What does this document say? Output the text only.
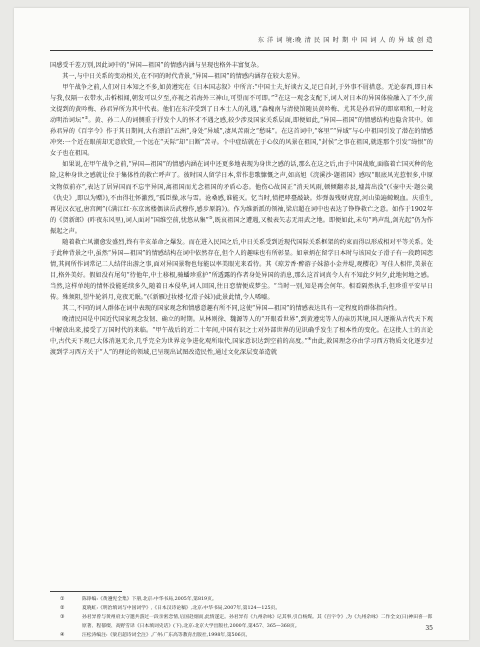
东 洋 词 境:晚 清 民 国 时 期 中 国 词 人 的 异 域 创 造

国感受千差万别,因此词中的“异国—祖国”的情感内涵与呈现也格外丰富复杂。

其一,与中日关系的变动相关,在不同的时代背景,“异国—祖国”的情感内涵存在较大差异。

甲午战争之前,人们对日本知之不多,如黄遵宪在《日本国志叙》中所言:“中国士夫,好谈古义,足已自封,于外事不屑措意。无论泰西,即日本与我,仅隔一衣带水,击柝相闻,朝发可以夕至,亦视之若海外三神山,可望而不可即。”①在这一观念支配下,词人对日本的异国体验融入了不少,前文提到的黄吟梅、孙君异所为其中代表。他们在东洋受到了日本士人的礼遇,“淼槐南与清使馆随员黄吟梅、尤其是孙君异的即席唱和,一时竞动明治词坛”②。黄、孙二人的词侧重于抒发个人的怀才不遇之感,较少涉及国家关系层面,即便如此,“异国—祖国”的情感结构也隐含其中。如孙君异的《百字令》作于其日期间,大有漂泊“五洲”,身处“异域”,凄风苦雨之“愁味”。在这首词中,“客里”“异域”与心中祖国引发了潜在的情感冲突:一个近在眼前却无意欣赏,一个远在“天际”却“日断”苦寻。个中症结就在于心仪的风景在祖国,“封侯”之事在祖国,就连那个引发“绮恨”的女子也在祖国。

如果说,在甲午战争之前,“异国—祖国”的情感内涵在词中还更多地表现为身世之感的话,那么在这之后,由于中国战败,面临着亡国灭种的危险,这种身世之感就让位于集体性的救亡呼声了。彼时国人留学日本,常作悲歌慷慨之声,如高旭《浣溪沙·题祖国》感叹“眼底风光惹恨多,中原文物似前亦”,表达了居异国而不忘宇异国,离祖国而尤念祖国的矛盾心态。他伤心故国正“消天风雨,顿倾翻赤县,墟蒿出没”(《壶中天·题公羹《仇史》,即以为赠》),不由得壮怀激烈,“孤臣操,冰与雪。沧桑感,谁能灭。忆当时,愤把哮臺敲缺。炸弹轰残财虎窟,河山染遍鲸鲵血。庆重生,再见汉衣冠,唐宫阙”(《满江红·东京寓楼偶读岳武穆作,感步原韵》)。作为维新派的领袖,梁启超在词中也表达了铮铮救亡之意。如作于1902年的《贺新郎》(昨夜东风里),词人面对“国维空前,忧悠从集”③,既哀祖国之遭遇,又极表矢志无用武之地。即便如此,未句“鸡声乱,剑光起”仍为作振起之声。

随着救亡风潮愈发盛烈,终有辛亥革命之爆发。而在进入民国之后,中日关系受到近现代国际关系框架的约束而得以形成相对平等关系。处于此种背景之中,虽然“异国—祖国”的情感结构在词中依然存在,但个人的趣味也有所彰显。如章炳在留学日本时与该国女子滑子有一段跨国恋情,其间所作词常记二人结伴出游之事,面对异国景物也每能以率美眼光来看待。其《琼芳香·醉游子妹游小金井堤,观樱花》写佳人相伴,美景在目,格外美好。假如没有尾句“待他年,中土移根,骑蟠珍重护”所透露的作者身处异国的消息,那么这首词真令人有不知此夕何夕,此地何地之感。当然,这样单纯的情怀没能延续多久,随着日本侵华,词人回国,往日恋情便成梦尘。“当时一别,知是再会何年。相看隔然执手,但珍重平安早日传。殊须阻,望牛轮斜月,竟夜无眠。”(《新雁过妆楼·忆滑子妹》)此景此情,令人唏嘘。

其二,不同的词人群体在词中表现的国家观念和情感意趣有所不同,这使“异国—祖国”的情感表达具有一定程度的群体指向性。

晚清民国是中国近代国家观念发韧、确立的时期。从林则徐、魏源等人的“开眼看世界”,到黄遵宪等人的亲历其境,国人逐渐从古代天下观中解放出来,接受了万国时代的来临。“甲午战后的近二十年间,中国有识之士对外部世界的见识确乎发生了根本性的变化。在这批人士的言论中,古代天下观已大体消退无余,几乎完全为世界竞争进化观所取代,国家意识达到空前的高度。”④由此,救国理念亦由学习西方物质文化逐步过渡到学习西方关于“人”的理论的领域,已呈现出试图改造民性,通过文化深层变革造就

①	陈铮编:《黄遵宪全集》下册,北京:中华书局,2005年,第819页。
②	夏晓虹:《明治填词与中国词学》,《日本汉诗论稿》,北京:中华书局,2007年,第124—125页。
③	孙君异曾与黄州府太守邀共游过一段亲密恋情,后国赴烟而,此情遂定。孙君异有《九州杂咏》记其事,引自杨煤。其《百字令》,为《九州杂咏》二作全文(日)神田喜一郎原著、程郁缀、高野雪译《日本填词史话》(下),北京:北京大学出版社,2000年,第457、365—368页。
④	汪松涛编注:《梁启超诗词全注》,广州:广东高等教育出版社,1998年,第506页。
35
